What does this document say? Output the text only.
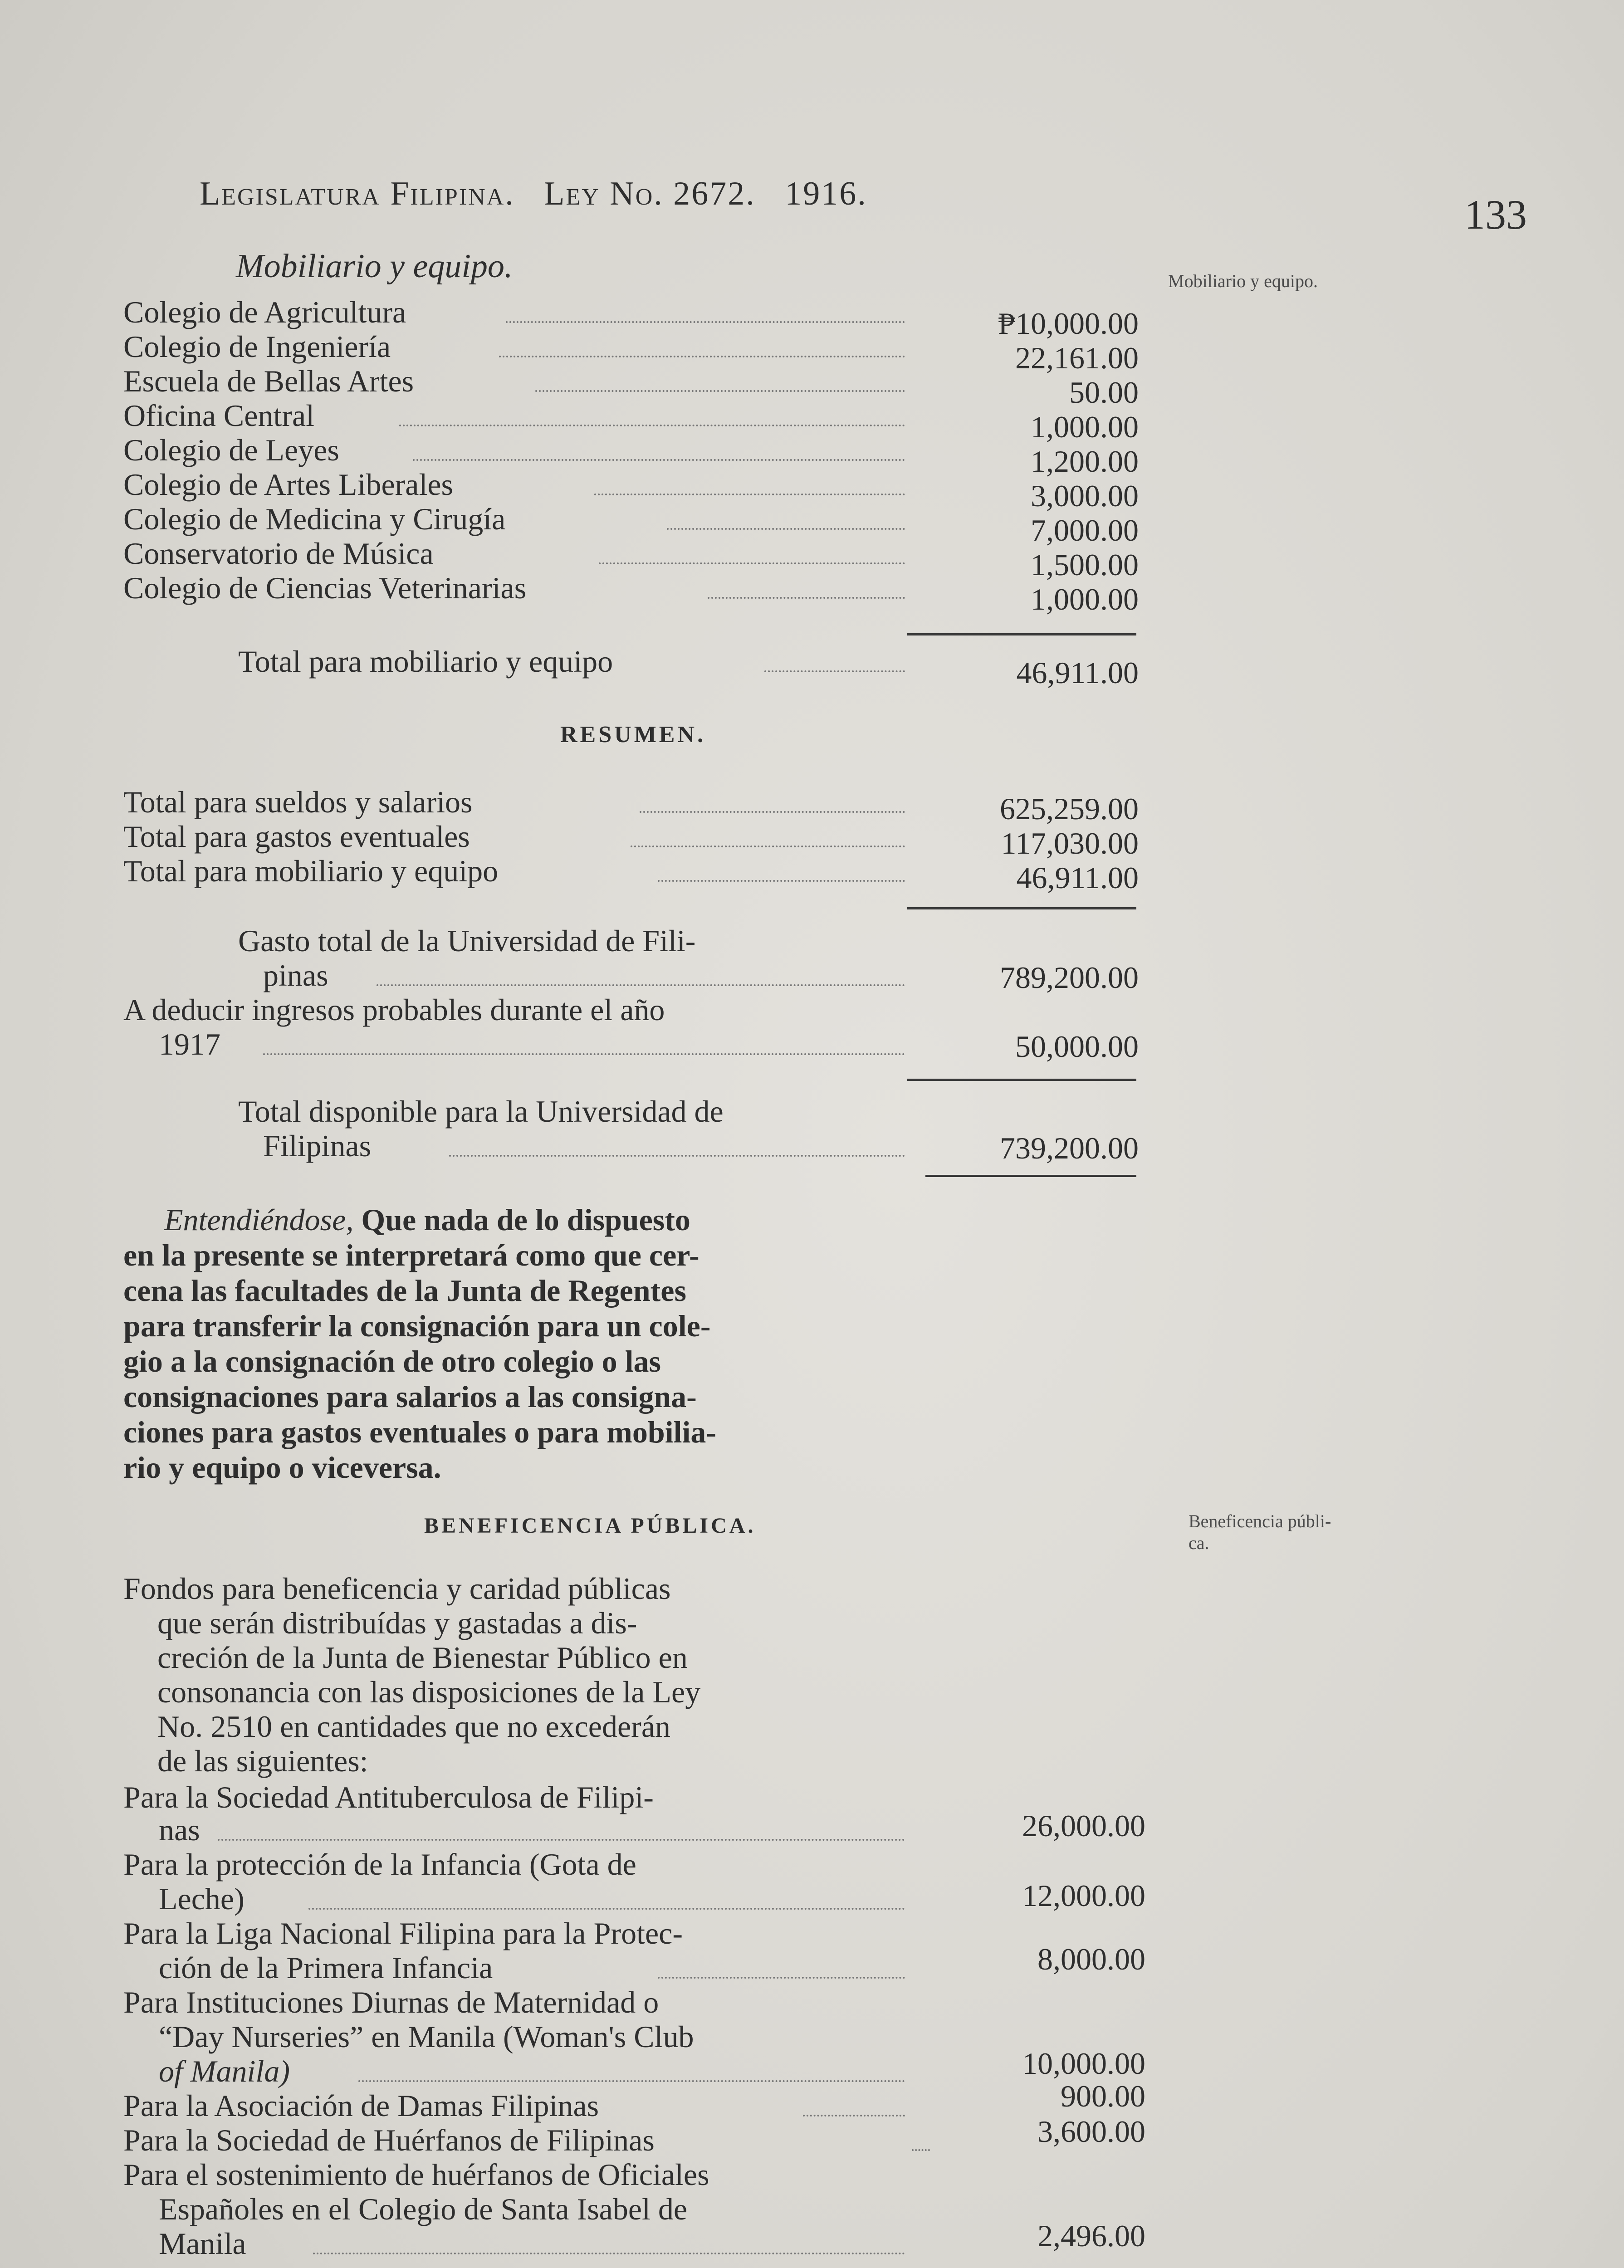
Legislatura Filipina. Ley No. 2672. 1916.	133
Mobiliario y equipo.
Beneficencia públi-
ca.
Mobiliario y equipo.
Colegio de Agricultura	₱10,000.00
Colegio de Ingeniería	22,161.00
Escuela de Bellas Artes	50.00
Oficina Central	1,000.00
Colegio de Leyes	1,200.00
Colegio de Artes Liberales	3,000.00
Colegio de Medicina y Cirugía	7,000.00
Conservatorio de Música	1,500.00
Colegio de Ciencias Veterinarias	1,000.00
Total para mobiliario y equipo	46,911.00
RESUMEN.
Total para sueldos y salarios	625,259.00
Total para gastos eventuales	117,030.00
Total para mobiliario y equipo	46,911.00
Gasto total de la Universidad de Fili-
pinas	789,200.00
A deducir ingresos probables durante el año
1917	50,000.00
Total disponible para la Universidad de
Filipinas	739,200.00
Entendiéndose, Que nada de lo dispuesto
en la presente se interpretará como que cer-
cena las facultades de la Junta de Regentes
para transferir la consignación para un cole-
gio a la consignación de otro colegio o las
consignaciones para salarios a las consigna-
ciones para gastos eventuales o para mobilia-
rio y equipo o viceversa.
BENEFICENCIA PÚBLICA.
Fondos para beneficencia y caridad públicas
que serán distribuídas y gastadas a dis-
creción de la Junta de Bienestar Público en
consonancia con las disposiciones de la Ley
No. 2510 en cantidades que no excederán
de las siguientes:
Para la Sociedad Antituberculosa de Filipi-
nas	26,000.00
Para la protección de la Infancia (Gota de
Leche)	12,000.00
Para la Liga Nacional Filipina para la Protec-
ción de la Primera Infancia	8,000.00
Para Instituciones Diurnas de Maternidad o
“Day Nurseries” en Manila (Woman's Club
of Manila)	10,000.00
Para la Asociación de Damas Filipinas	900.00
Para la Sociedad de Huérfanos de Filipinas	3,600.00
Para el sostenimiento de huérfanos de Oficiales
Españoles en el Colegio de Santa Isabel de
Manila	2,496.00
